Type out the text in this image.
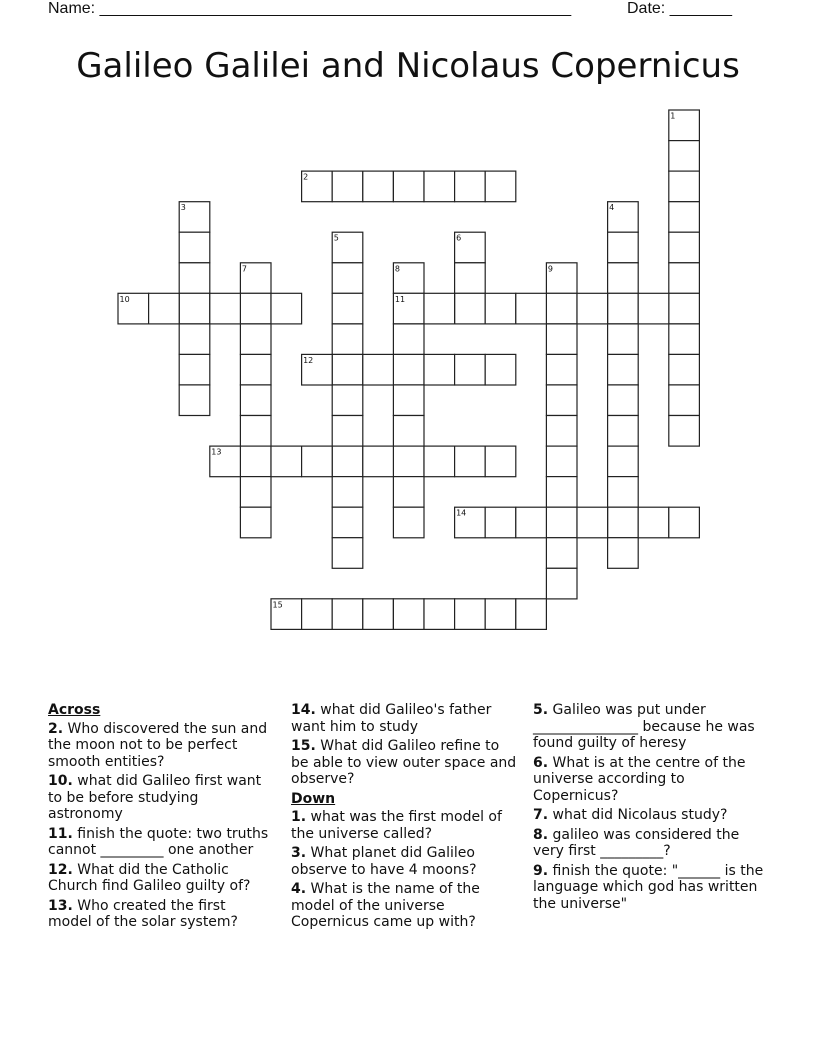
Name: _____________________________________________________	Date: _______
Galileo Galilei and Nicolaus Copernicus
1
2
3	4
5	6
7	8	9
10	11
12
13
14
15
Across
2. Who discovered the sun and the moon not to be perfect smooth entities?
10. what did Galileo first want to be before studying astronomy
11. finish the quote: two truths cannot _________ one another
12. What did the Catholic Church find Galileo guilty of?
13. Who created the first model of the solar system?
14. what did Galileo's father want him to study
15. What did Galileo refine to be able to view outer space and observe?
Down
1. what was the first model of the universe called?
3. What planet did Galileo observe to have 4 moons?
4. What is the name of the model of the universe Copernicus came up with?
5. Galileo was put under _______________ because he was found guilty of heresy
6. What is at the centre of the universe according to Copernicus?
7. what did Nicolaus study?
8. galileo was considered the very first _________?
9. finish the quote: "______ is the language which god has written the universe"
